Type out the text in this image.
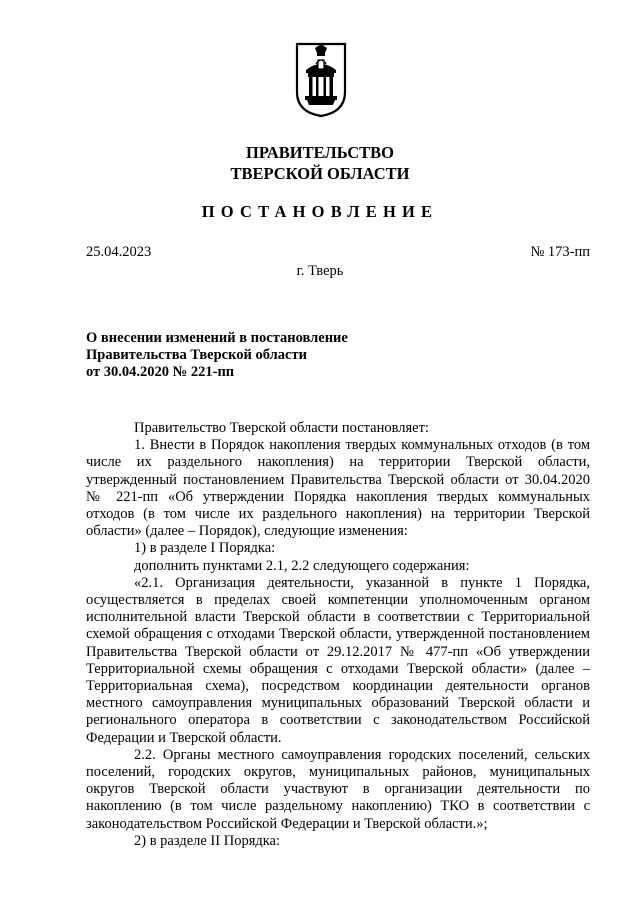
ПРАВИТЕЛЬСТВО
ТВЕРСКОЙ ОБЛАСТИ
ПОСТАНОВЛЕНИЕ
25.04.2023	№ 173-пп
г. Тверь
О внесении изменений в постановление
Правительства Тверской области
от 30.04.2020 № 221-пп

Правительство Тверской области постановляет:

1. Внести в Порядок накопления твердых коммунальных отходов (в том числе их раздельного накопления) на территории Тверской области, утвержденный постановлением Правительства Тверской области от 30.04.2020 № 221-пп «Об утверждении Порядка накопления твердых коммунальных отходов (в том числе их раздельного накопления) на территории Тверской области» (далее – Порядок), следующие изменения:

1) в разделе I Порядка:

дополнить пунктами 2.1, 2.2 следующего содержания:

«2.1. Организация деятельности, указанной в пункте 1 Порядка, осуществляется в пределах своей компетенции уполномоченным органом исполнительной власти Тверской области в соответствии с Территориальной схемой обращения с отходами Тверской области, утвержденной постановлением Правительства Тверской области от 29.12.2017 № 477-пп «Об утверждении Территориальной схемы обращения с отходами Тверской области» (далее – Территориальная схема), посредством координации деятельности органов местного самоуправления муниципальных образований Тверской области и регионального оператора в соответствии с законодательством Российской Федерации и Тверской области.

2.2. Органы местного самоуправления городских поселений, сельских поселений, городских округов, муниципальных районов, муниципальных округов Тверской области участвуют в организации деятельности по накоплению (в том числе раздельному накоплению) ТКО в соответствии с законодательством Российской Федерации и Тверской области.»;

2) в разделе II Порядка:
